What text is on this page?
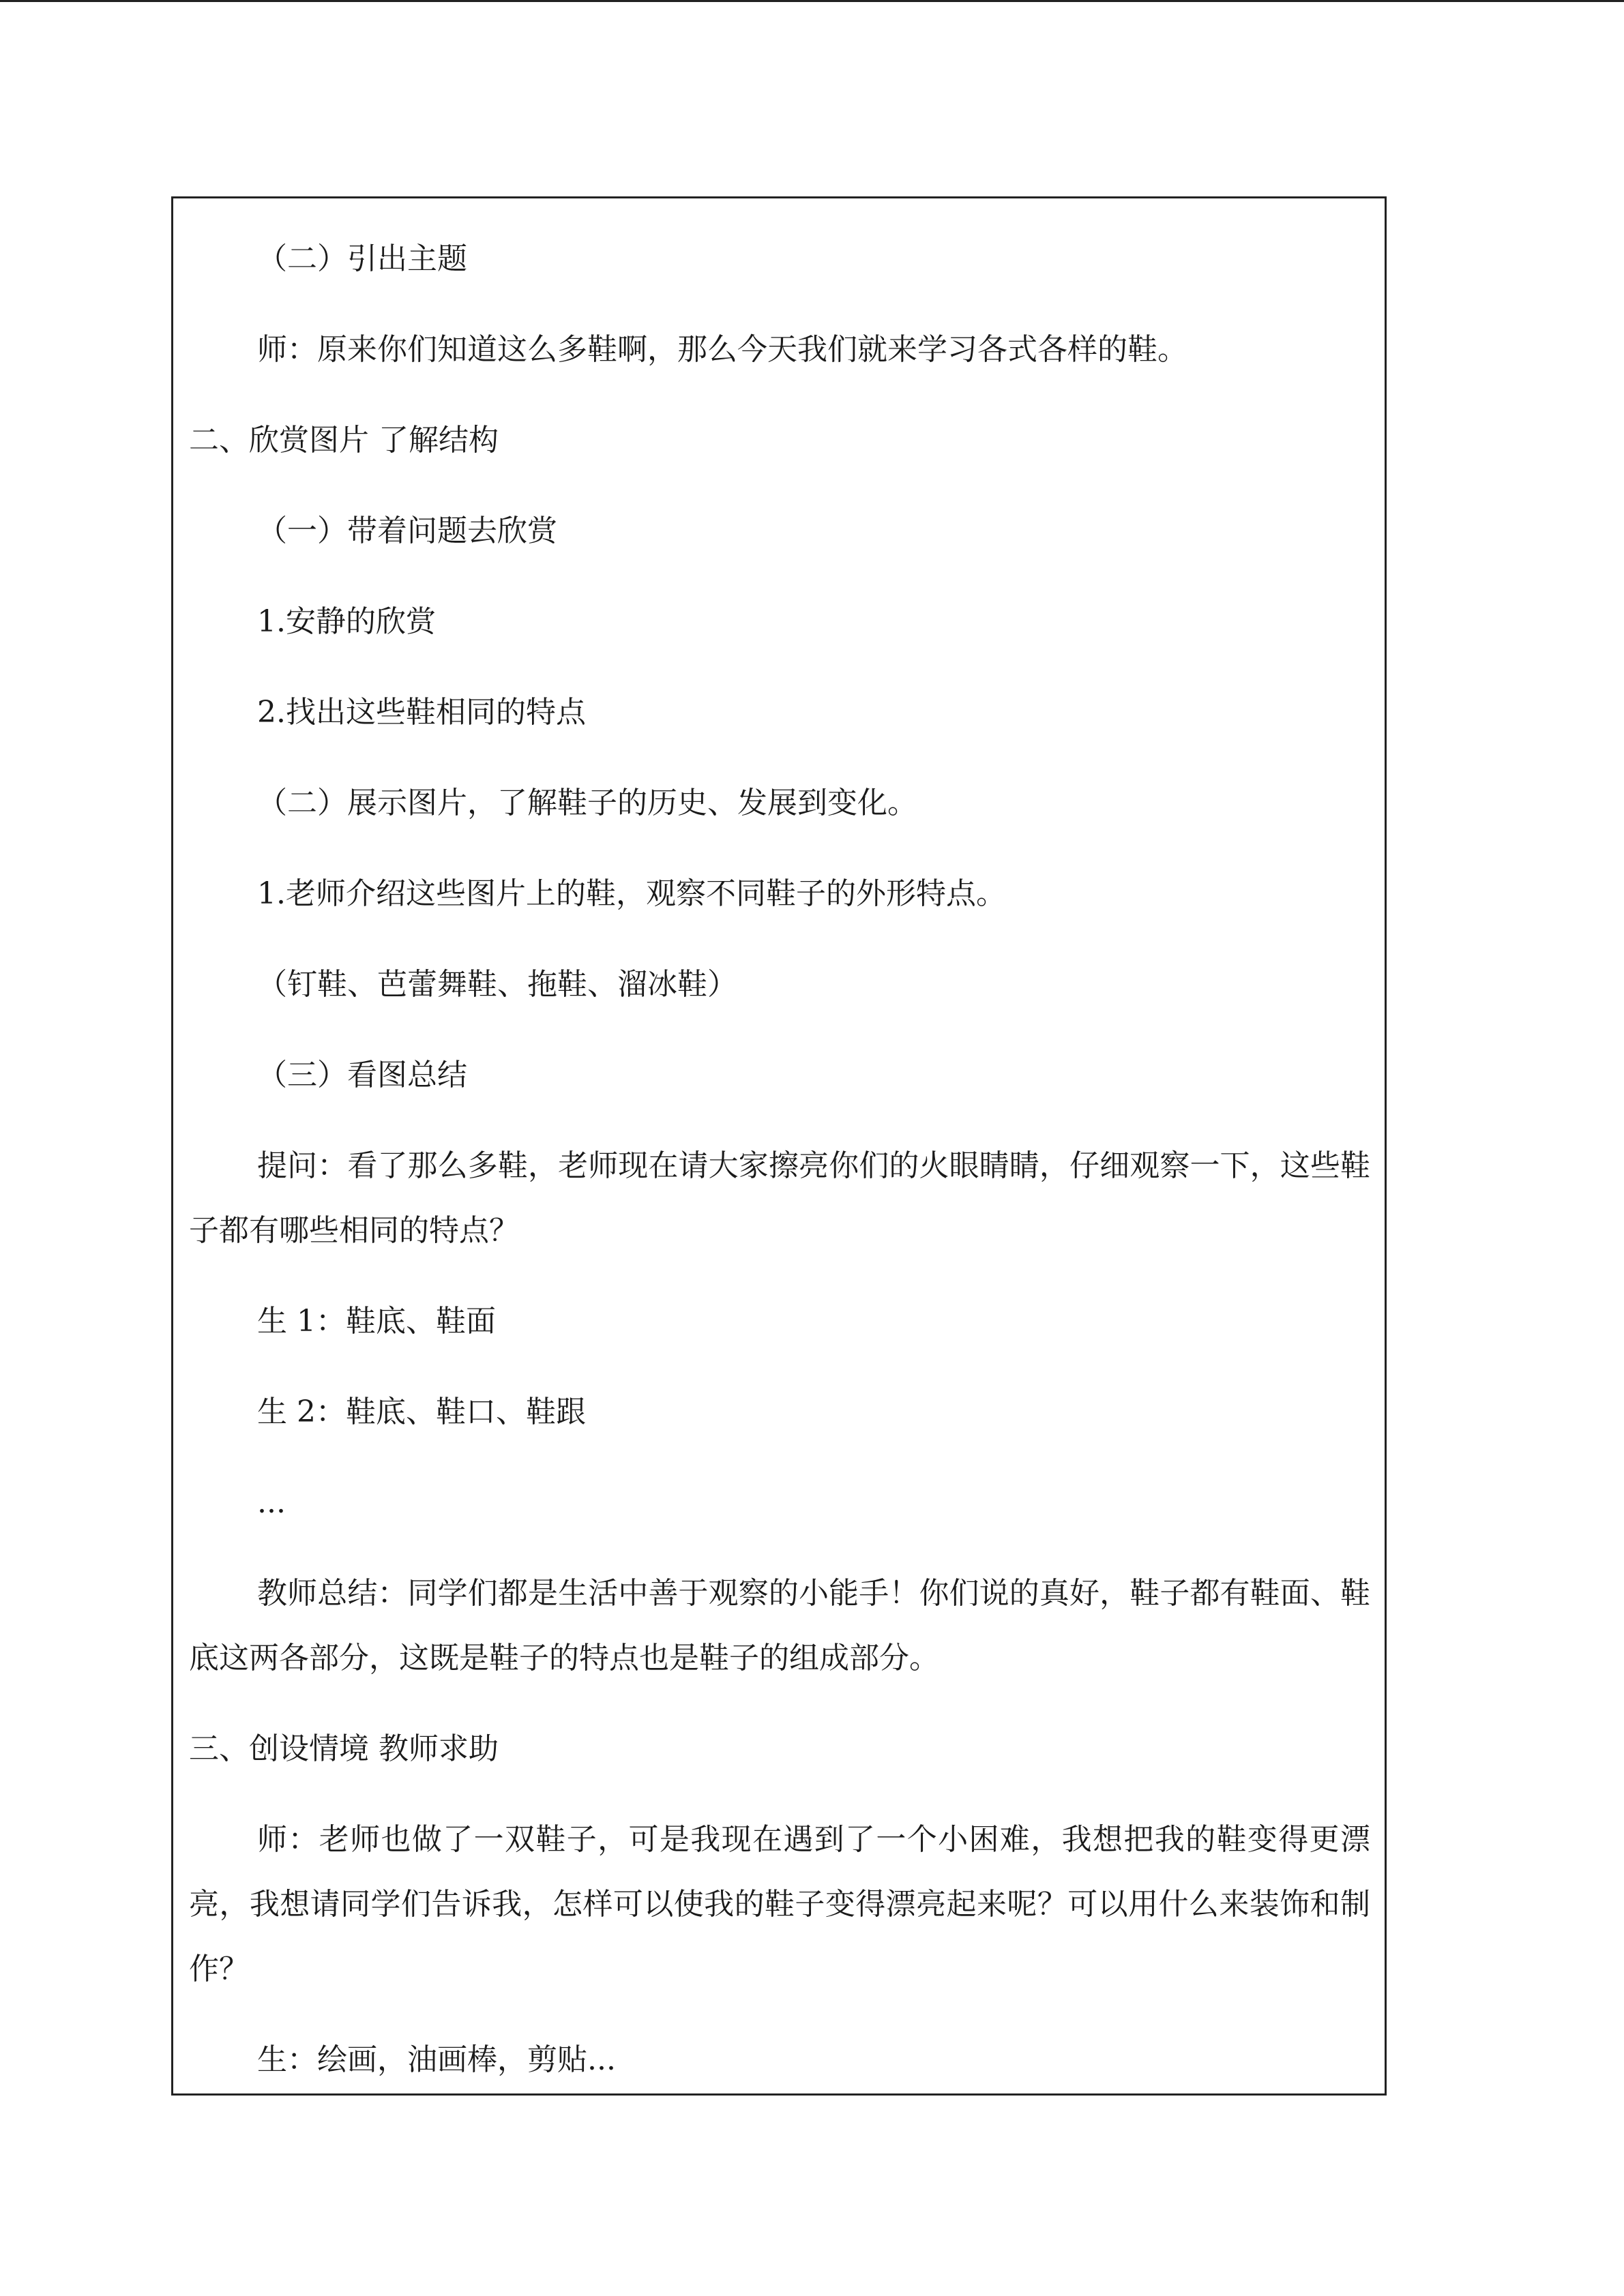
（二）引出主题

师：原来你们知道这么多鞋啊，那么今天我们就来学习各式各样的鞋。

二、欣赏图片 了解结构

（一）带着问题去欣赏

1.安静的欣赏

2.找出这些鞋相同的特点

（二）展示图片，了解鞋子的历史、发展到变化。

1.老师介绍这些图片上的鞋，观察不同鞋子的外形特点。

（钉鞋、芭蕾舞鞋、拖鞋、溜冰鞋）

（三）看图总结

提问：看了那么多鞋，老师现在请大家擦亮你们的火眼睛睛，仔细观察一下，这些鞋子都有哪些相同的特点？

生 1：鞋底、鞋面

生 2：鞋底、鞋口、鞋跟

...

教师总结：同学们都是生活中善于观察的小能手！你们说的真好，鞋子都有鞋面、鞋底这两各部分，这既是鞋子的特点也是鞋子的组成部分。

三、创设情境 教师求助

师：老师也做了一双鞋子，可是我现在遇到了一个小困难，我想把我的鞋变得更漂亮，我想请同学们告诉我，怎样可以使我的鞋子变得漂亮起来呢？可以用什么来装饰和制作？

生：绘画，油画棒，剪贴...
